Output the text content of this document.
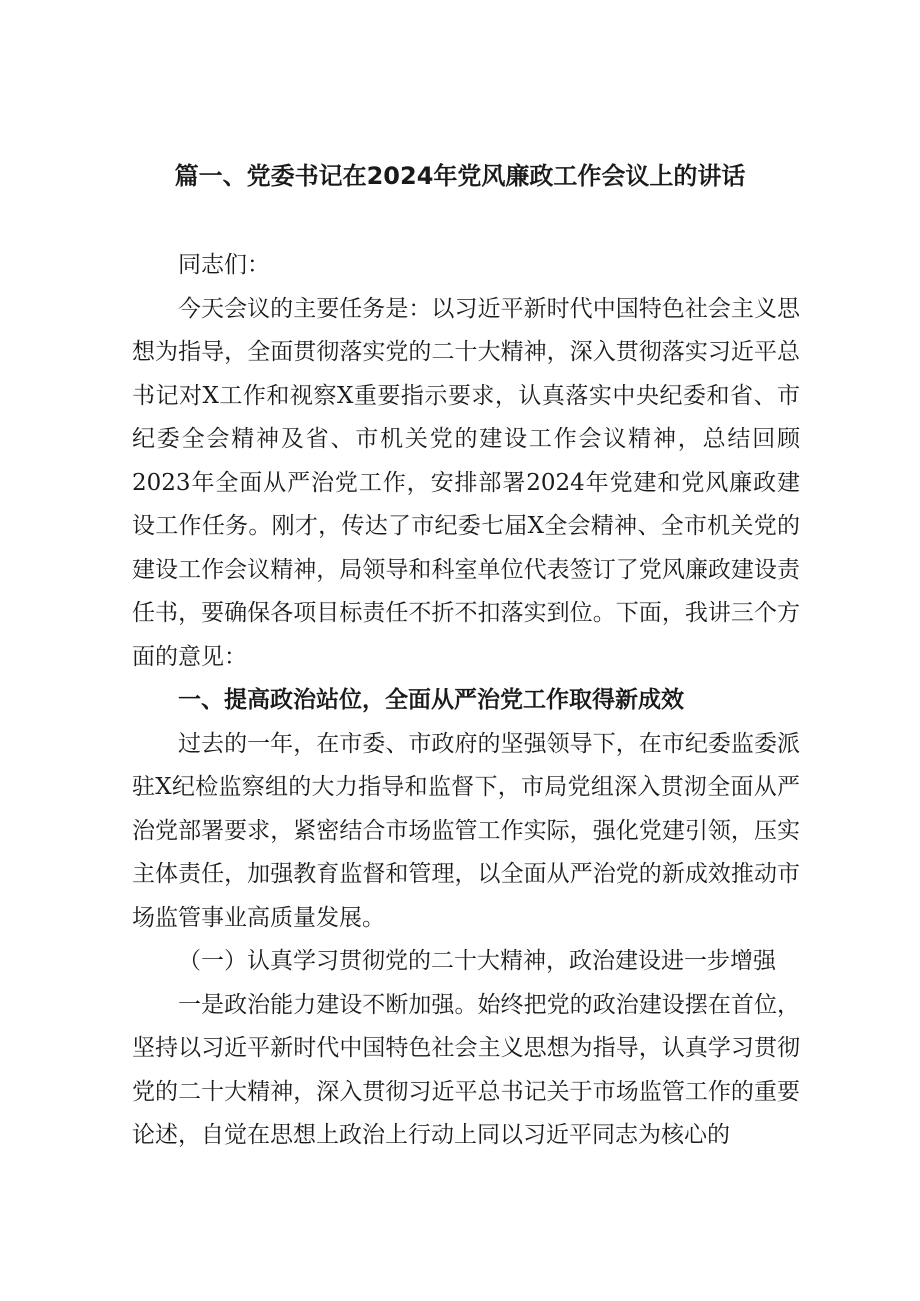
篇一、党委书记在2024年党风廉政工作会议上的讲话

同志们：

今天会议的主要任务是：以习近平新时代中国特色社会主义思想为指导，全面贯彻落实党的二十大精神，深入贯彻落实习近平总书记对X工作和视察X重要指示要求，认真落实中央纪委和省、市纪委全会精神及省、市机关党的建设工作会议精神，总结回顾2023年全面从严治党工作，安排部署2024年党建和党风廉政建设工作任务。刚才，传达了市纪委七届X全会精神、全市机关党的建设工作会议精神，局领导和科室单位代表签订了党风廉政建设责任书，要确保各项目标责任不折不扣落实到位。下面，我讲三个方面的意见：

一、提高政治站位，全面从严治党工作取得新成效

过去的一年，在市委、市政府的坚强领导下，在市纪委监委派驻X纪检监察组的大力指导和监督下，市局党组深入贯沏全面从严治党部署要求，紧密结合市场监管工作实际，强化党建引领，压实主体责任，加强教育监督和管理，以全面从严治党的新成效推动市场监管事业高质量发展。

（一）认真学习贯彻党的二十大精神，政治建设进一步增强

一是政治能力建设不断加强。始终把党的政治建设摆在首位，坚持以习近平新时代中国特色社会主义思想为指导，认真学习贯彻党的二十大精神，深入贯彻习近平总书记关于市场监管工作的重要论述，自觉在思想上政治上行动上同以习近平同志为核心的
